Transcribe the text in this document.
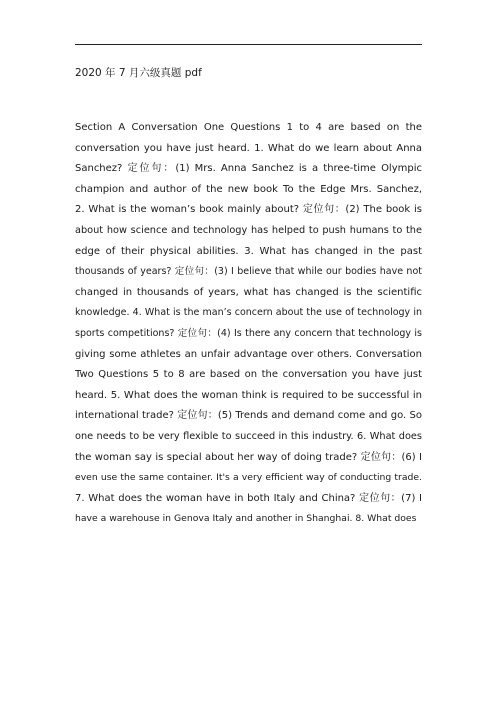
2020 年 7 月六级真题 pdf
Section A Conversation One Questions 1 to 4 are based on the
conversation you have just heard. 1. What do we learn about Anna
Sanchez? 定位句：(1) Mrs. Anna Sanchez is a three-time Olympic
champion and author of the new book To the Edge Mrs. Sanchez,
2. What is the woman’s book mainly about? 定位句：(2) The book is
about how science and technology has helped to push humans to the
edge of their physical abilities. 3. What has changed in the past
thousands of years? 定位句：(3) I believe that while our bodies have not
changed in thousands of years, what has changed is the scientific
knowledge. 4. What is the man’s concern about the use of technology in
sports competitions? 定位句：(4) Is there any concern that technology is
giving some athletes an unfair advantage over others. Conversation
Two Questions 5 to 8 are based on the conversation you have just
heard. 5. What does the woman think is required to be successful in
international trade? 定位句：(5) Trends and demand come and go. So
one needs to be very flexible to succeed in this industry. 6. What does
the woman say is special about her way of doing trade? 定位句：(6) I
even use the same container. It's a very efficient way of conducting trade.
7. What does the woman have in both Italy and China? 定位句：(7) I
have a warehouse in Genova Italy and another in Shanghai. 8. What does
